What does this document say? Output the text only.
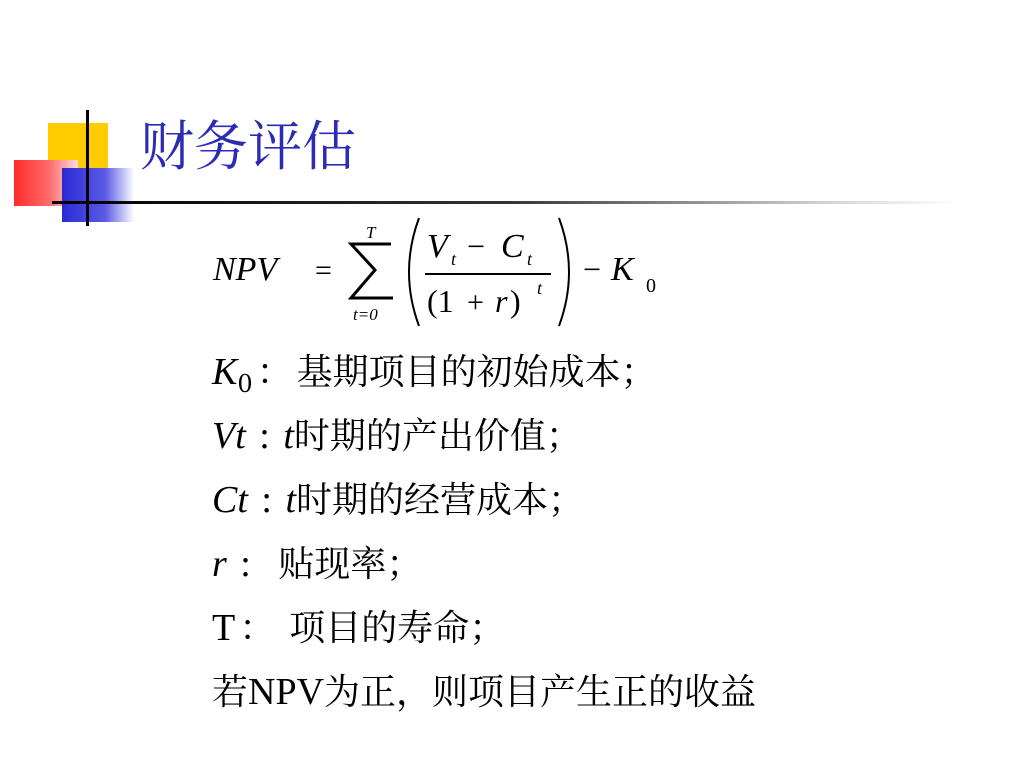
财务评估
NPV =
T
t=0
V t − C t
(1 + r ) t
− K 0
$K_0$ ： 基期项目的初始成本；
Vt : t时期的产出价值；
Ct : t时期的经营成本；
r : 贴现率；
T ： 项目的寿命；
若NPV为正，则项目产生正的收益
